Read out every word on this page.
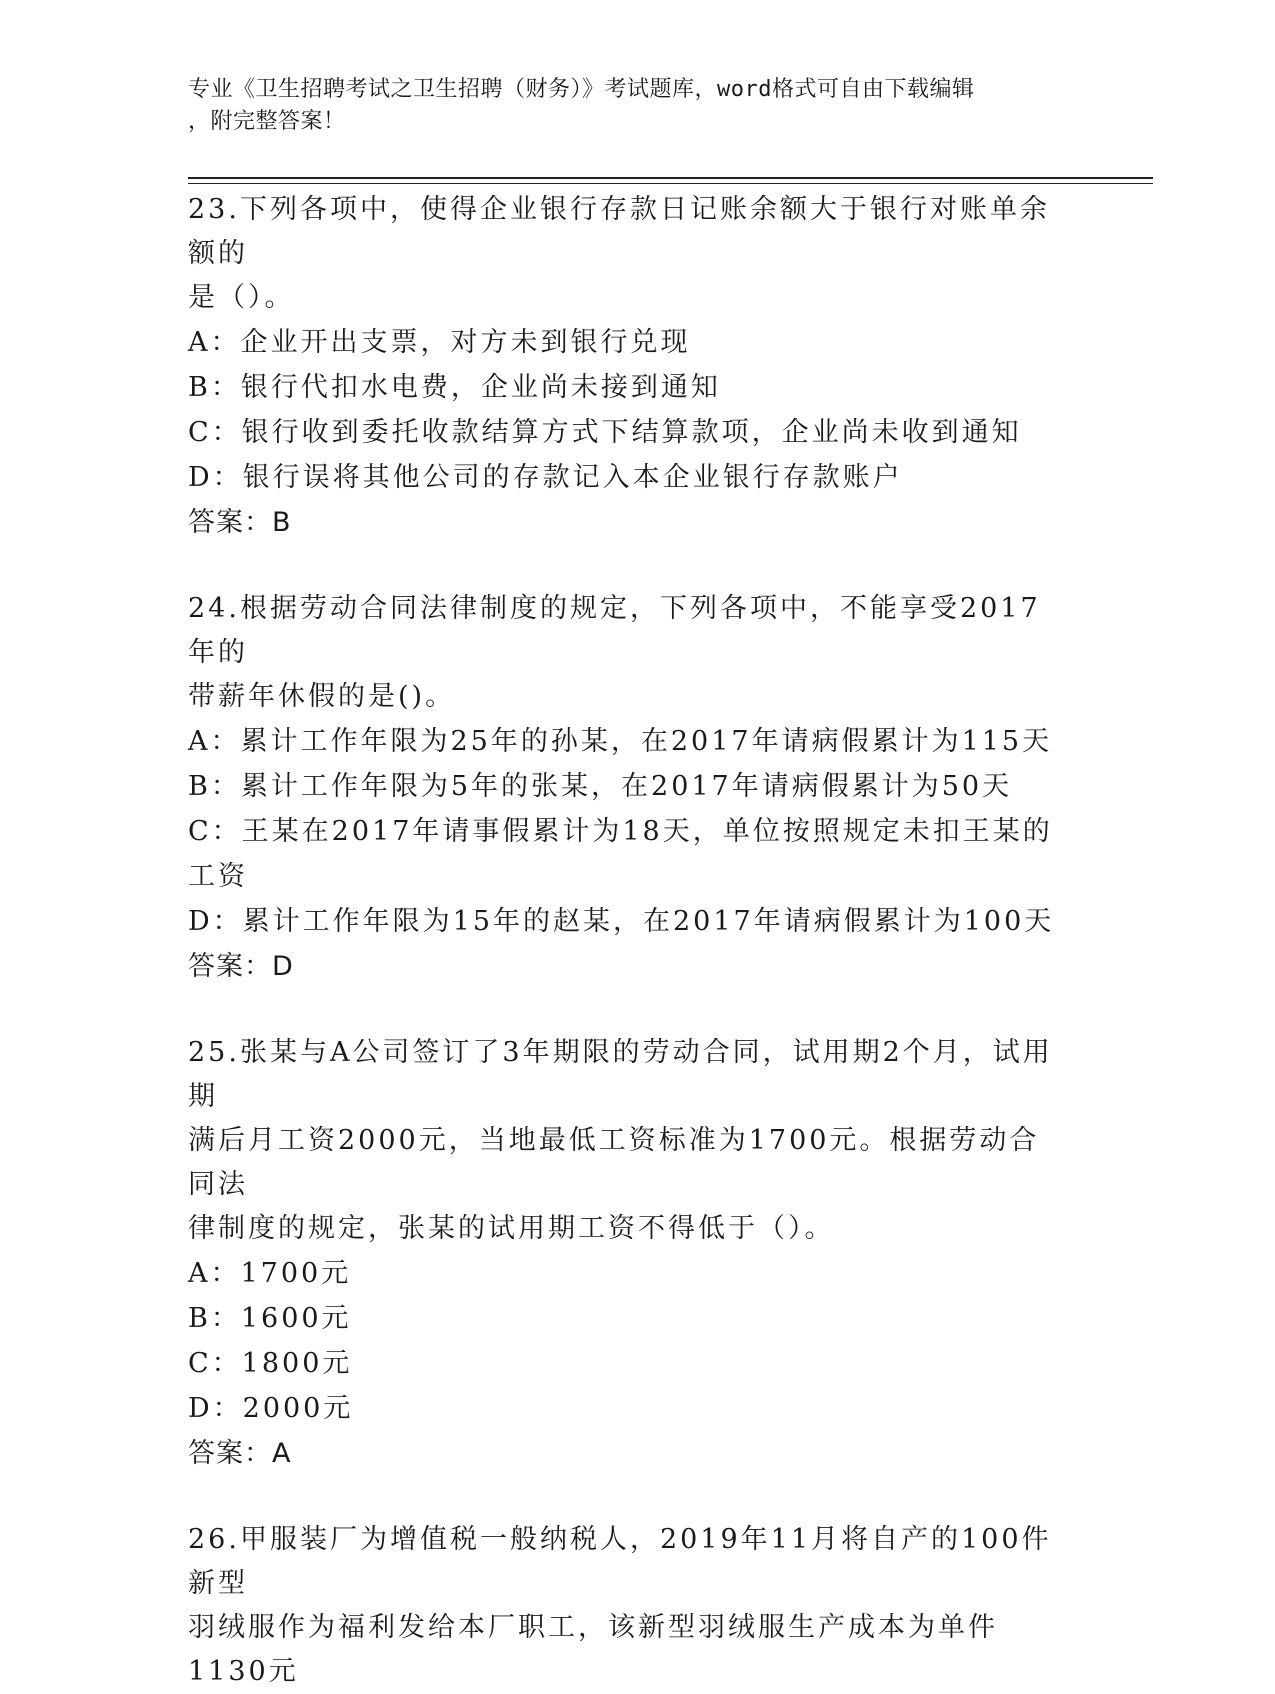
专业《卫生招聘考试之卫生招聘（财务）》考试题库，word格式可自由下载编辑
，附完整答案！
23.下列各项中，使得企业银行存款日记账余额大于银行对账单余额的
是（）。
A：企业开出支票，对方未到银行兑现
B：银行代扣水电费，企业尚未接到通知
C：银行收到委托收款结算方式下结算款项，企业尚未收到通知
D：银行误将其他公司的存款记入本企业银行存款账户
答案：B
24.根据劳动合同法律制度的规定，下列各项中，不能享受2017年的
带薪年休假的是()。
A：累计工作年限为25年的孙某，在2017年请病假累计为115天
B：累计工作年限为5年的张某，在2017年请病假累计为50天
C：王某在2017年请事假累计为18天，单位按照规定未扣王某的工资
D：累计工作年限为15年的赵某，在2017年请病假累计为100天
答案：D
25.张某与A公司签订了3年期限的劳动合同，试用期2个月，试用期
满后月工资2000元，当地最低工资标准为1700元。根据劳动合同法
律制度的规定，张某的试用期工资不得低于（）。
A：1700元
B：1600元
C：1800元
D：2000元
答案：A
26.甲服装厂为增值税一般纳税人，2019年11月将自产的100件新型
羽绒服作为福利发给本厂职工，该新型羽绒服生产成本为单件1130元
